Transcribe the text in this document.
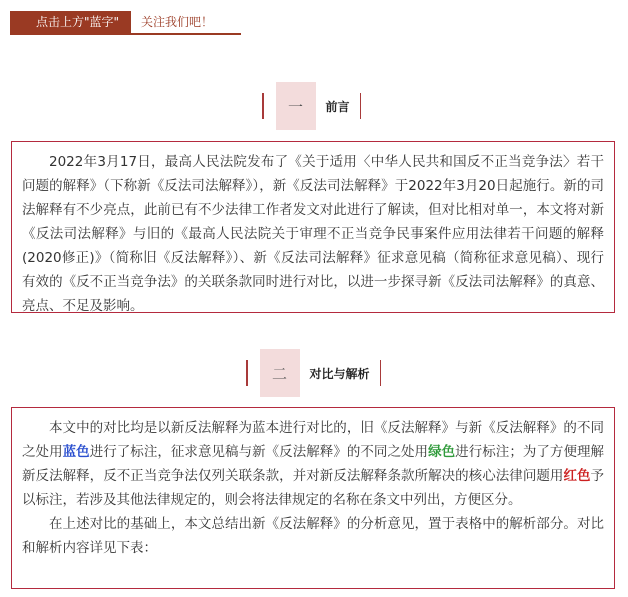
点击上方"蓝字"	关注我们吧！
一	前言

2022年3月17日，最高人民法院发布了《关于适用〈中华人民共和国反不正当竞争法〉若干问题的解释》（下称新《反法司法解释》），新《反法司法解释》于2022年3月20日起施行。新的司法解释有不少亮点，此前已有不少法律工作者发文对此进行了解读，但对比相对单一，本文将对新《反法司法解释》与旧的《最高人民法院关于审理不正当竞争民事案件应用法律若干问题的解释(2020修正)》（简称旧《反法解释》）、新《反法司法解释》征求意见稿（简称征求意见稿）、现行有效的《反不正当竞争法》的关联条款同时进行对比，以进一步探寻新《反法司法解释》的真意、亮点、不足及影响。

二	对比与解析

本文中的对比均是以新反法解释为蓝本进行对比的，旧《反法解释》与新《反法解释》的不同之处用蓝色进行了标注，征求意见稿与新《反法解释》的不同之处用绿色进行标注；为了方便理解新反法解释，反不正当竞争法仅列关联条款，并对新反法解释条款所解决的核心法律问题用红色予以标注，若涉及其他法律规定的，则会将法律规定的名称在条文中列出，方便区分。

在上述对比的基础上，本文总结出新《反法解释》的分析意见，置于表格中的解析部分。对比和解析内容详见下表：
